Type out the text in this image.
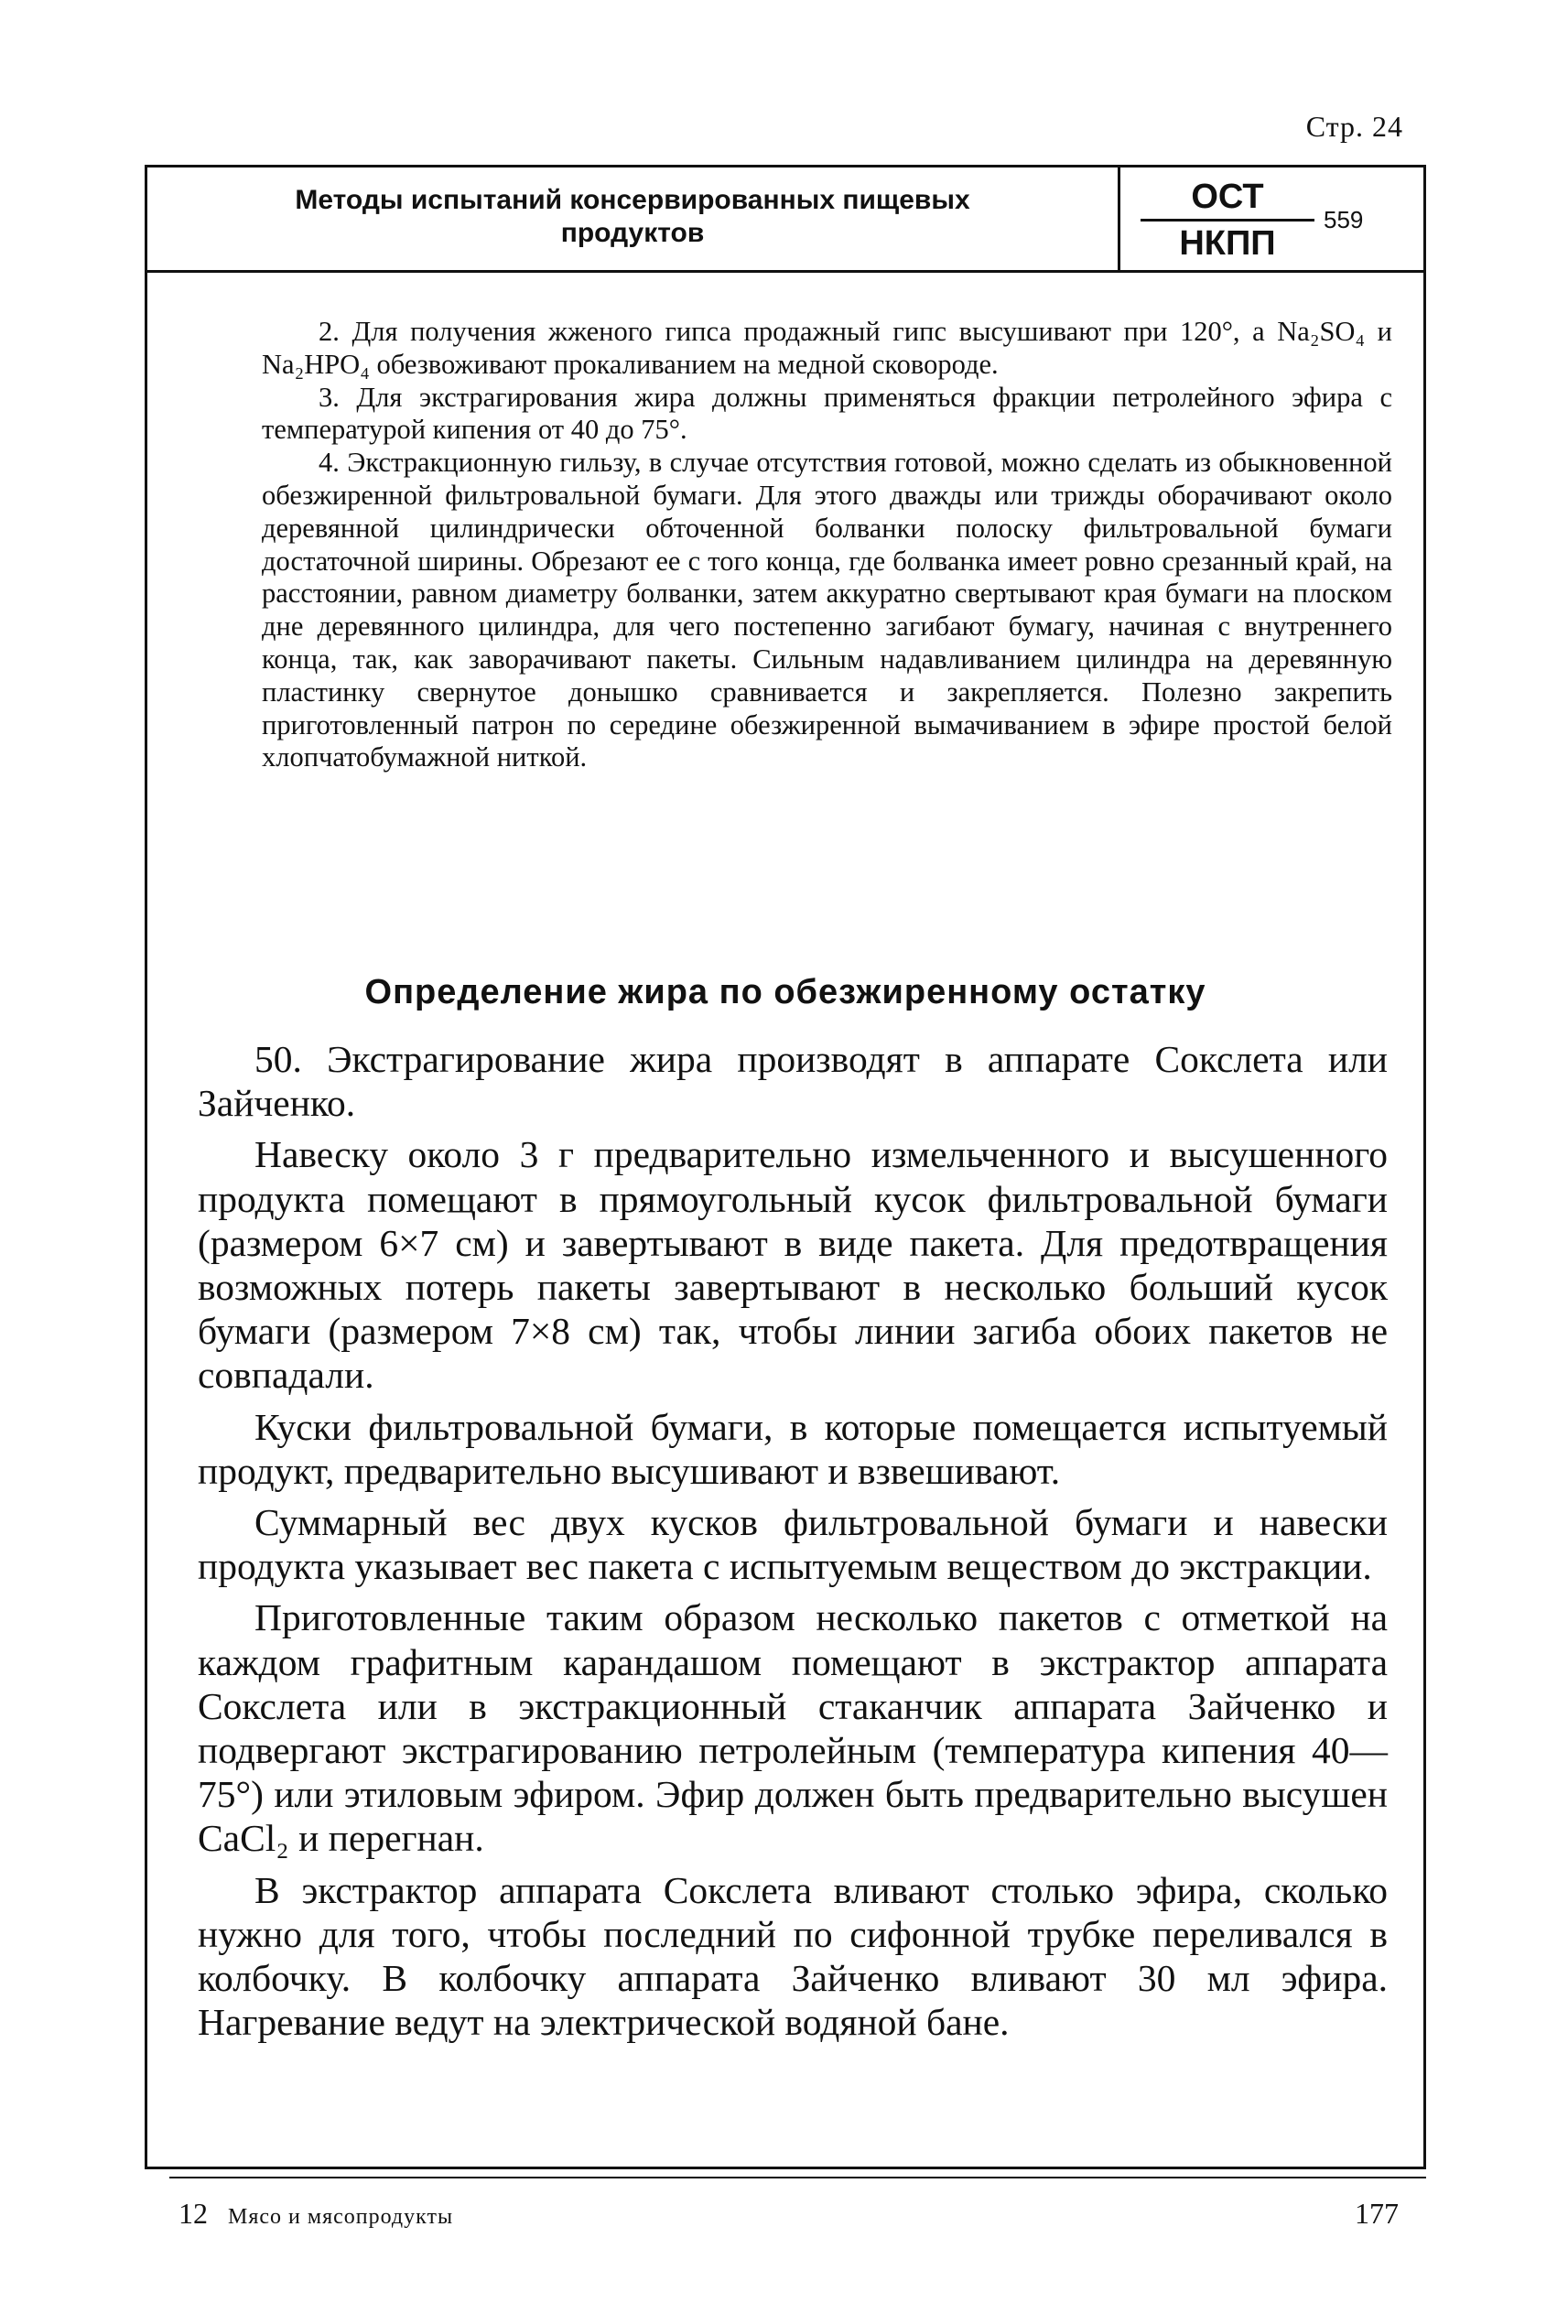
Стр. 24
Методы испытаний консервированных пищевых
продуктов
ОСТ
НКПП
559

2. Для получения жженого гипса продажный гипс высушивают при 120°, а Na₂SO₄ и Na₂HPO₄ обезвоживают прокаливанием на медной сковороде.

3. Для экстрагирования жира должны применяться фракции петролейного эфира с температурой кипения от 40 до 75°.

4. Экстракционную гильзу, в случае отсутствия готовой, можно сделать из обыкновенной обезжиренной фильтровальной бумаги. Для этого дважды или трижды оборачивают около деревянной цилиндрически обточенной болванки полоску фильтровальной бумаги достаточной ширины. Обрезают ее с того конца, где болванка имеет ровно срезанный край, на расстоянии, равном диаметру болванки, затем аккуратно свертывают края бумаги на плоском дне деревянного цилиндра, для чего постепенно загибают бумагу, начиная с внутреннего конца, так, как заворачивают пакеты. Сильным надавливанием цилиндра на деревянную пластинку свернутое донышко сравнивается и закрепляется. Полезно закрепить приготовленный патрон по середине обезжиренной вымачиванием в эфире простой белой хлопчатобумажной ниткой.

Определение жира по обезжиренному остатку

50. Экстрагирование жира производят в аппарате Сокслета или Зайченко.

Навеску около 3 г предварительно измельченного и высушенного продукта помещают в прямоугольный кусок фильтровальной бумаги (размером 6×7 см) и завертывают в виде пакета. Для предотвращения возможных потерь пакеты завертывают в несколько больший кусок бумаги (размером 7×8 см) так, чтобы линии загиба обоих пакетов не совпадали.

Куски фильтровальной бумаги, в которые помещается испытуемый продукт, предварительно высушивают и взвешивают.

Суммарный вес двух кусков фильтровальной бумаги и навески продукта указывает вес пакета с испытуемым веществом до экстракции.

Приготовленные таким образом несколько пакетов с отметкой на каждом графитным карандашом помещают в экстрактор аппарата Сокслета или в экстракционный стаканчик аппарата Зайченко и подвергают экстрагированию петролейным (температура кипения 40—75°) или этиловым эфиром. Эфир должен быть предварительно высушен CaCl₂ и перегнан.

В экстрактор аппарата Сокслета вливают столько эфира, сколько нужно для того, чтобы последний по сифонной трубке переливался в колбочку. В колбочку аппарата Зайченко вливают 30 мл эфира. Нагревание ведут на электрической водяной бане.

12 Мясо и мясопродукты	177
